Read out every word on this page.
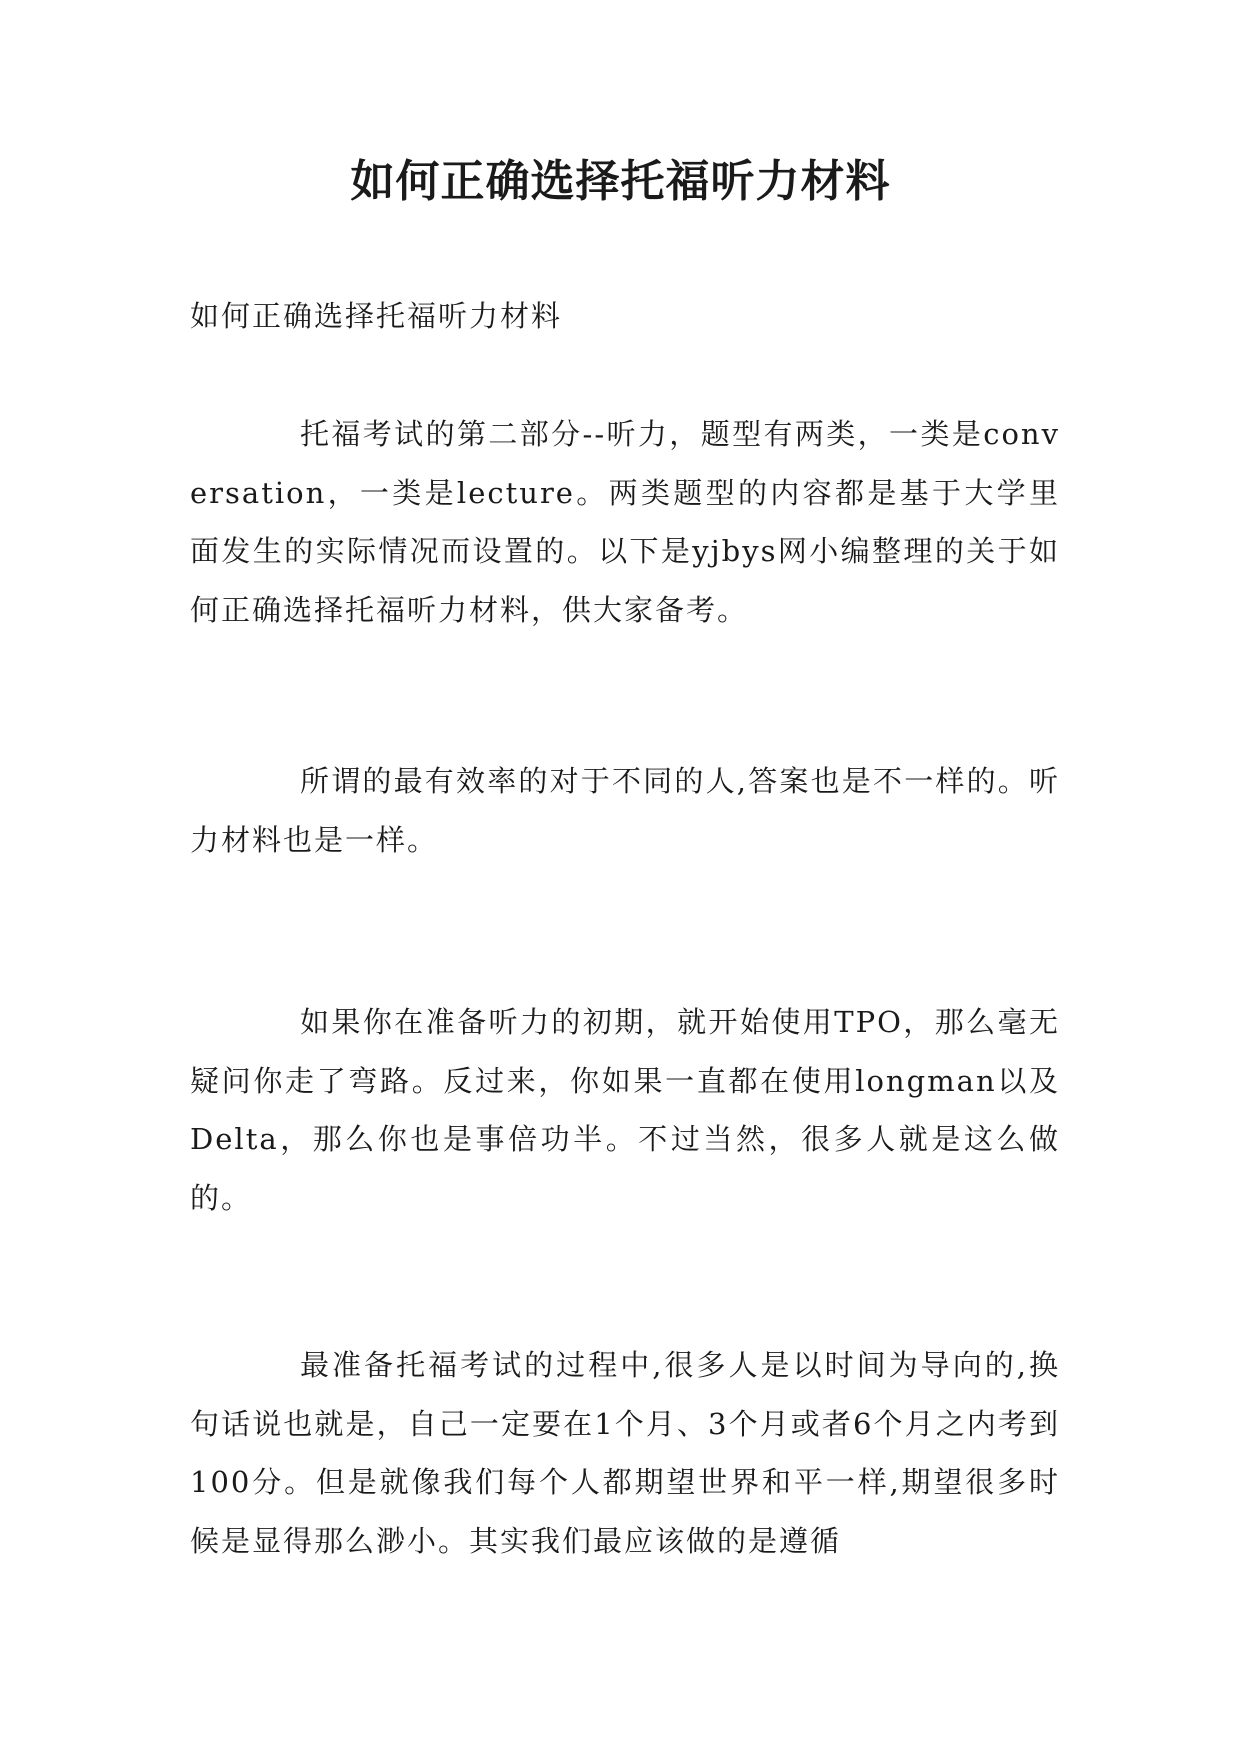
如何正确选择托福听力材料

如何正确选择托福听力材料

托福考试的第二部分--听力，题型有两类，一类是conversation，一类是lecture。两类题型的内容都是基于大学里面发生的实际情况而设置的。以下是yjbys网小编整理的关于如何正确选择托福听力材料，供大家备考。

所谓的最有效率的对于不同的人,答案也是不一样的。听力材料也是一样。

如果你在准备听力的初期，就开始使用TPO，那么毫无疑问你走了弯路。反过来，你如果一直都在使用longman以及Delta，那么你也是事倍功半。不过当然，很多人就是这么做的。

最准备托福考试的过程中,很多人是以时间为导向的,换句话说也就是，自己一定要在1个月、3个月或者6个月之内考到100分。但是就像我们每个人都期望世界和平一样,期望很多时候是显得那么渺小。其实我们最应该做的是遵循
